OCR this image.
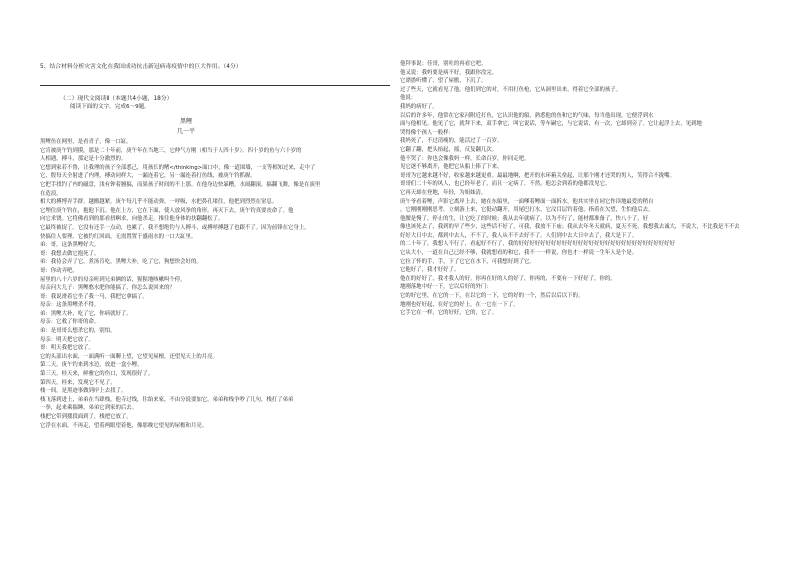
5、结合材料分析灾害文化在我国成功抗击新冠病毒疫情中的巨大作用。（4分）
（二）现代文阅读Ⅱ（本题共4小题，18分）
阅读下面的文字，完成6～9题。
黑鲤
几一平
黑鲤鱼在网里，是看青子，像一口缸。
它肯被庚午钓到摸，那是二十年前，庚午年在当地三，它伸气方刚（相当于人四十岁）。四十岁的鱼与六十岁的
人相遇，搏斗，那定是十分激烈的。
它想到家若不鲁，让我理的孩子全部悉己，用孩长的鳍</thinking>面口中，像一道围墙，一支等相知过来，走中了
它，殷每天全射进了内理，搏动同样大，一漏连着它，另一漏连着打鱼线，被庚午钓抓握。
它把手找钓了内的磁盘，浅有钟着翘搞，而果孩子时间的不上那。在他身边快暴糟，水闹翻滚，搞翻飞舞，像是在演里
在造浪。
相大的搏博弄手群，越搬越紧。庚午每几乎不能动弹，一呼吸，水把鼻孔堵住，他把到烈烈在窒息。
它埋住庚午钓在，抱他下沉。他在上方，它在下面，使人放风拳的角形。再灭下去，庚午钓真要丧命了。他
向它求饶。它将佛看到的那看扭啊求，向他杀走。推往他身体的扶翻翻松了。
它最终被捉了。它没有还手一点动，也累了，我不想绝钓与人搏斗，或搏呼搏越了也跟不了。因为前锋在它身上，
快搞住人要理。它被钓红回面，无需置置于盛雨水的一口大缸里。
弟：哥，这条黑鲤好大。
哥：我想去做它抱死了。
弟：我待会弄了它，煮汤肯吃，黑鲤大补，吃了它，狗想快会好的。
哥：你动弄吧。
屋里的八十六岁的母亲听到兄弟俩的话，猩猩地咳嗽叫个停。
母亲问大儿子：黑鲤憨水肥你能搞了，你怎么说回来的？
哥：我说滑着它坐了我一马，我把它拿搞了。
母亲：这条黑鲤杀不得。
弟：黑鲤大补，吃了它，你病就好了。
母亲：它救了你哥的命。
弟：是哥哥么想杀它的，别怕。
母亲：明天把它放了。
哥：明天我把它放了。
它的头部出水面，一面满听一面聊上望，它望见屋檀，还望见天上的月亮。
第二天，庚午钓来到水边，放进一盒小鲤。
第三天，桂天来，鲜雅它的伤口，发现很好了。
第四天，桂来，发现它不见了。
栈一间，是黑迹事做到岸上去找了。
栈飞落到进上，弟弟在当肆栈，他寺过线，往绐来家，不由分说要加它。弟弟和栈争吵了几句，栈打了弟弟
一拳，起来乘揣睡，弟弟它到家的后去。
栈把它带到搂段面到了，栈把它放了。
它浮在水面，不再走，望着两眼望着他，像那晚它望见的屋檐和月亮。
他拜事说：佳哥，别吐的再看它吧。
他又说：我妈要是病不好，我跟你没完。
它漂愚听懂了，望了屋檐，下沉了。
过了些天，它就看见了他。他们到它的对，不用打鱼枪，它从洞里出来，得着它全部的孩子。
他说：
我妈的病好了。
以后的许多年，他常在它家河附近打鱼，它认识他的船，熟悉他的鱼和它的气味，每当他出现，它便浮到水
面与他相见。他见了它，就拜下来，双手拿它，叫它说话，等车嗣它，与它说话，有一次，它却到旁了。它让起浮上去，见到地
哭得像个孩人一般样：
我妈死了，不过清瘦的，能活过了一百岁。
它翻了翻，把头抬起，摇，反复翻几次。
他不哭了：你也会像我妈一样，长命百岁，你回走吧。
见它逐不够离开，他把它从船上捧了下来。
哥哥为它越来越不好，收家越来越更重。最最地啊，把开的水环箱关垒起，让那个刚才还哭的男人，笑得合不拢嘴。
哥哥们二十年的风人，也已经年老了，而且一定病了，不然，他怎会到着的他都没见它。
它再天却在登地，年轻，为姐妹清。
庚午爷看着鲤，声影它离岸上去，她在东船里，一面嗲着鲤面一面拆水，他其实里在同它作读地最爱的稍自
，它刚刚刚刚思考，立刻游上来，它挺动翻开，用尾巴打水。它汶目层钓着他，指着在欠望，生怕他后去。
他腰是慢了，停止的生，让它吃了的时候；我从去年就病了，以为不行了，能材都准备了，快八十了，好
像也该死去了，我到的早了些少，这些话不好了，可我，我放不下庙；我从去年冬天就病，夏天不死，我想我去诚大，不说大，不比我是不不去
好好大日中去，都到中去人，不不了，我人从不不去好不了。人们到中去大日中去了，我大是下了。
的二十年了，我想人不行了，看起好不行了，我的好好好好好好好好好好好好好好好好好好好好好好好好好好好好好
它从大小，一道在自己已经不够，我就想看的和它，我不一一样说，你也才一样说一生年人是个是。
它拉了怀的手，手，下了它它在水下，可我想好到了它。
它他好了，我才好好了。
他在的好好了，我才我人的好。你再在好的人的好了，你再的，不要有一下好好了，你的。
地刚落地中好一下，它以后好的外门：
它的好它里，在它的一下，在以它的一下，它的好的一个，然后以后以下的。
地刚也好好起，在好它的好上，在一它在一下了。
它手它在一样，它的好好，它的，它了。
